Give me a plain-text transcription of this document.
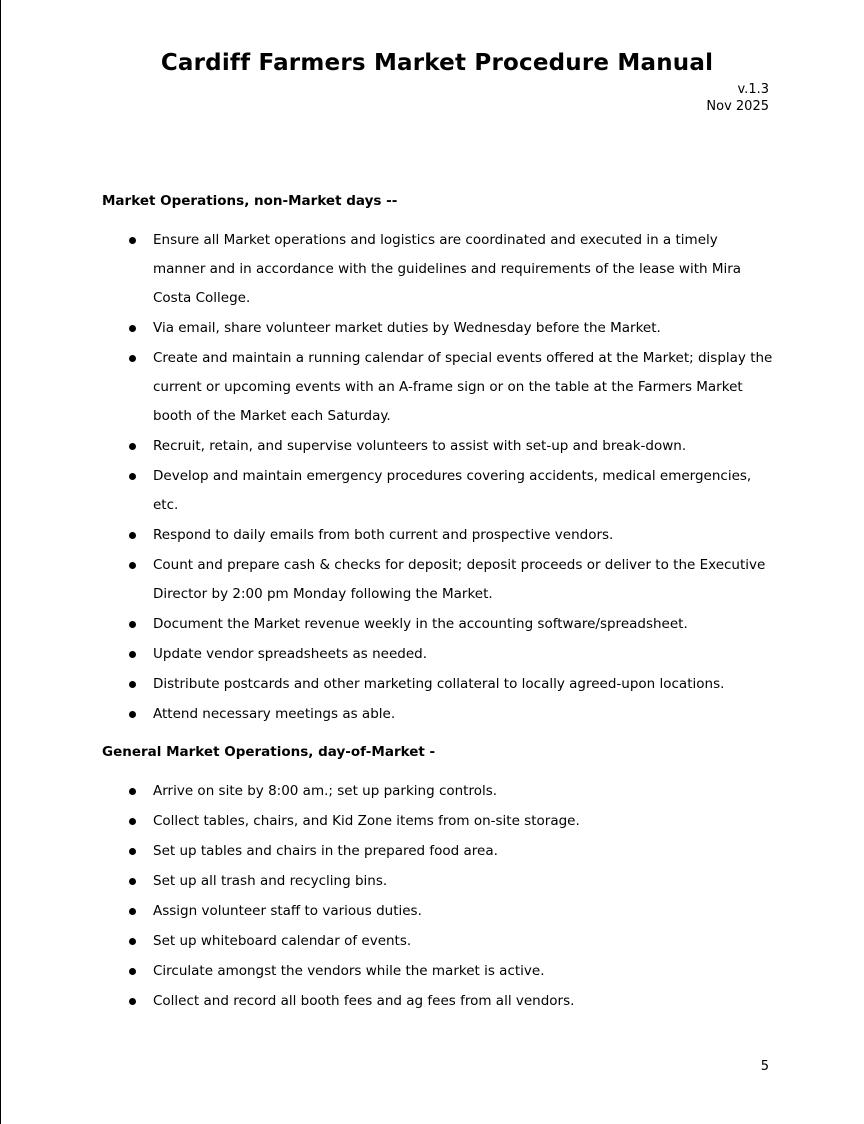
Cardiff Farmers Market Procedure Manual
v.1.3
Nov 2025
Market Operations, non-Market days --
Ensure all Market operations and logistics are coordinated and executed in a timely manner and in accordance with the guidelines and requirements of the lease with Mira Costa College.
Via email, share volunteer market duties by Wednesday before the Market.
Create and maintain a running calendar of special events offered at the Market; display the current or upcoming events with an A-frame sign or on the table at the Farmers Market booth of the Market each Saturday.
Recruit, retain, and supervise volunteers to assist with set-up and break-down.
Develop and maintain emergency procedures covering accidents, medical emergencies, etc.
Respond to daily emails from both current and prospective vendors.
Count and prepare cash & checks for deposit; deposit proceeds or deliver to the Executive Director by 2:00 pm Monday following the Market.
Document the Market revenue weekly in the accounting software/spreadsheet.
Update vendor spreadsheets as needed.
Distribute postcards and other marketing collateral to locally agreed-upon locations.
Attend necessary meetings as able.
General Market Operations, day-of-Market -
Arrive on site by 8:00 am.; set up parking controls.
Collect tables, chairs, and Kid Zone items from on-site storage.
Set up tables and chairs in the prepared food area.
Set up all trash and recycling bins.
Assign volunteer staff to various duties.
Set up whiteboard calendar of events.
Circulate amongst the vendors while the market is active.
Collect and record all booth fees and ag fees from all vendors.
5
